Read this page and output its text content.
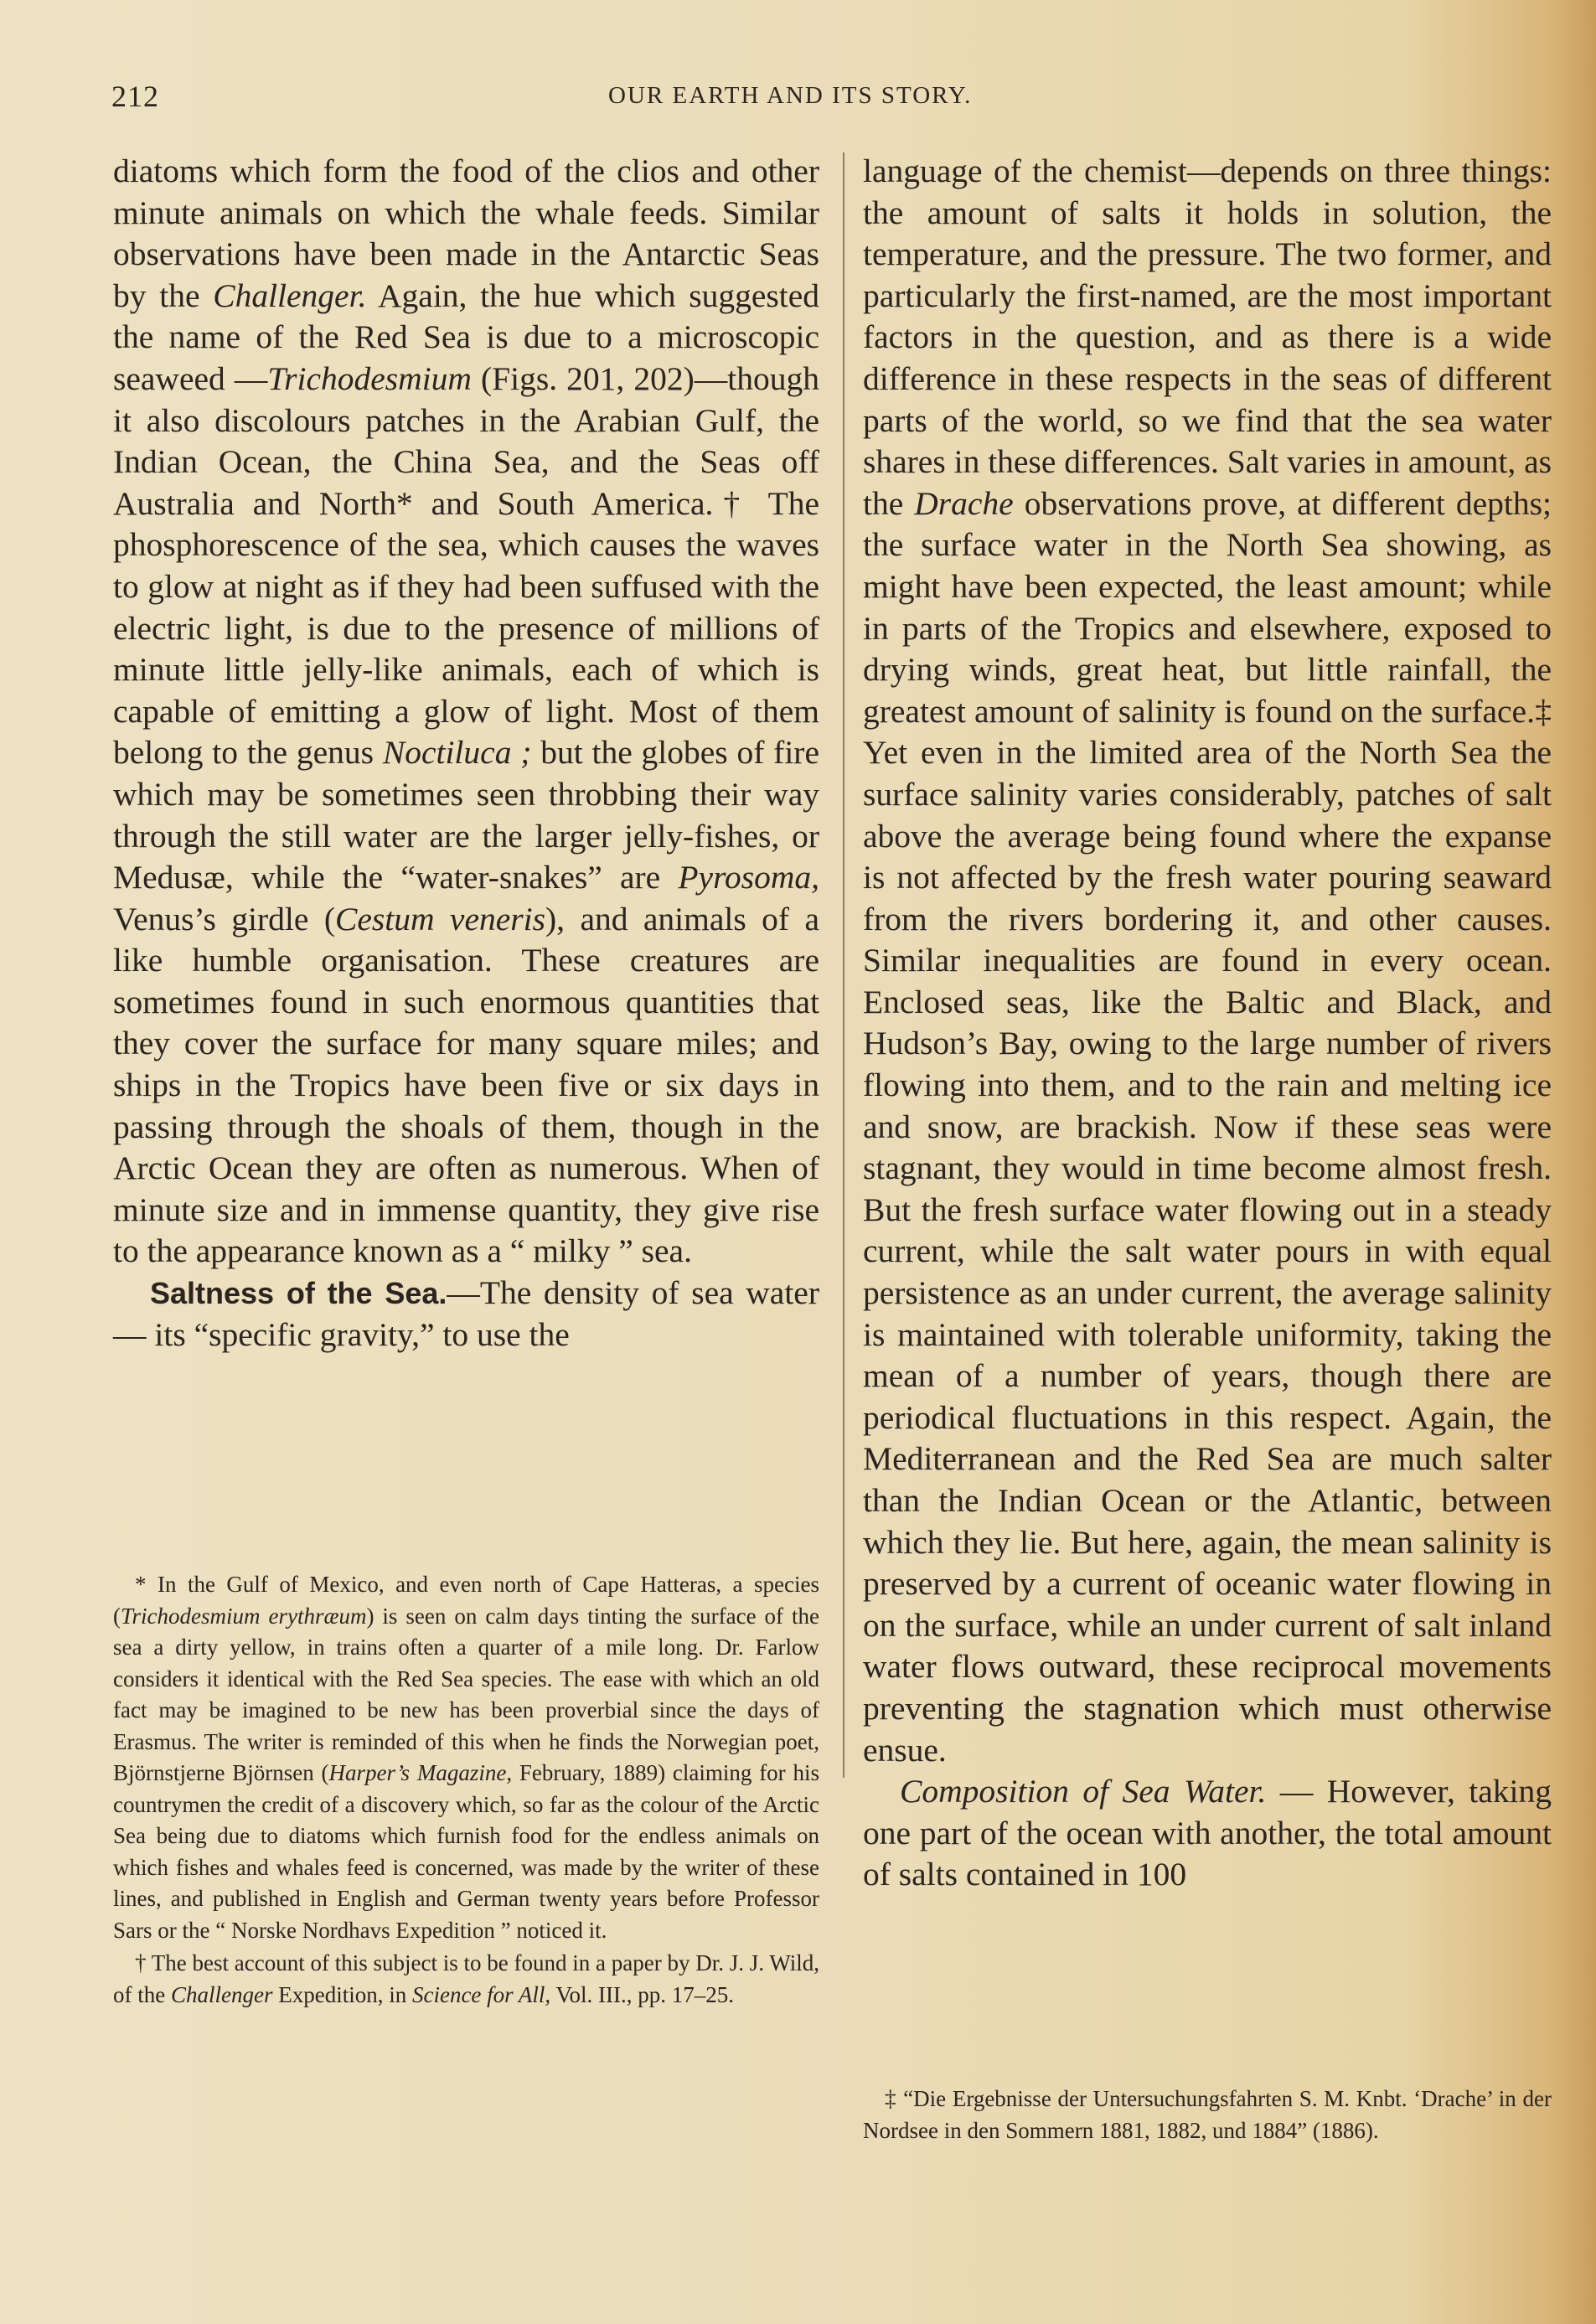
212	OUR EARTH AND ITS STORY.

diatoms which form the food of the clios and other minute animals on which the whale feeds. Similar observations have been made in the Antarctic Seas by the Challenger. Again, the hue which suggested the name of the Red Sea is due to a microscopic seaweed —Trichodesmium (Figs. 201, 202)—though it also discolours patches in the Arabian Gulf, the Indian Ocean, the China Sea, and the Seas off Australia and North* and South America.† The phosphorescence of the sea, which causes the waves to glow at night as if they had been suffused with the electric light, is due to the presence of millions of minute little jelly-like animals, each of which is capable of emitting a glow of light. Most of them belong to the genus Noctiluca ; but the globes of fire which may be sometimes seen throbbing their way through the still water are the larger jelly-fishes, or Medusæ, while the “water-snakes” are Pyrosoma, Venus’s girdle (Cestum veneris), and animals of a like humble organisation. These creatures are sometimes found in such enormous quantities that they cover the surface for many square miles; and ships in the Tropics have been five or six days in passing through the shoals of them, though in the Arctic Ocean they are often as numerous. When of minute size and in immense quantity, they give rise to the appearance known as a “ milky ” sea.

Saltness of the Sea.—The density of sea water — its “specific gravity,” to use the

language of the chemist—depends on three things: the amount of salts it holds in solution, the temperature, and the pressure. The two former, and particularly the first-named, are the most important factors in the question, and as there is a wide difference in these respects in the seas of different parts of the world, so we find that the sea water shares in these differences. Salt varies in amount, as the Drache observations prove, at different depths; the surface water in the North Sea showing, as might have been expected, the least amount; while in parts of the Tropics and elsewhere, exposed to drying winds, great heat, but little rainfall, the greatest amount of salinity is found on the surface.‡ Yet even in the limited area of the North Sea the surface salinity varies considerably, patches of salt above the average being found where the expanse is not affected by the fresh water pouring seaward from the rivers bordering it, and other causes. Similar inequalities are found in every ocean. Enclosed seas, like the Baltic and Black, and Hudson’s Bay, owing to the large number of rivers flowing into them, and to the rain and melting ice and snow, are brackish. Now if these seas were stagnant, they would in time become almost fresh. But the fresh surface water flowing out in a steady current, while the salt water pours in with equal persistence as an under current, the average salinity is maintained with tolerable uniformity, taking the mean of a number of years, though there are periodical fluctuations in this respect. Again, the Mediterranean and the Red Sea are much salter than the Indian Ocean or the Atlantic, between which they lie. But here, again, the mean salinity is preserved by a current of oceanic water flowing in on the surface, while an under current of salt inland water flows outward, these reciprocal movements preventing the stagnation which must otherwise ensue.

Composition of Sea Water. — However, taking one part of the ocean with another, the total amount of salts contained in 100

* In the Gulf of Mexico, and even north of Cape Hatteras, a species (Trichodesmium erythræum) is seen on calm days tinting the surface of the sea a dirty yellow, in trains often a quarter of a mile long. Dr. Farlow considers it identical with the Red Sea species. The ease with which an old fact may be imagined to be new has been proverbial since the days of Erasmus. The writer is reminded of this when he finds the Norwegian poet, Björnstjerne Björnsen (Harper’s Magazine, February, 1889) claiming for his countrymen the credit of a discovery which, so far as the colour of the Arctic Sea being due to diatoms which furnish food for the endless animals on which fishes and whales feed is concerned, was made by the writer of these lines, and published in English and German twenty years before Professor Sars or the “ Norske Nordhavs Expedition ” noticed it.

† The best account of this subject is to be found in a paper by Dr. J. J. Wild, of the Challenger Expedition, in Science for All, Vol. III., pp. 17–25.

‡ “Die Ergebnisse der Untersuchungsfahrten S. M. Knbt. ‘Drache’ in der Nordsee in den Sommern 1881, 1882, und 1884” (1886).
